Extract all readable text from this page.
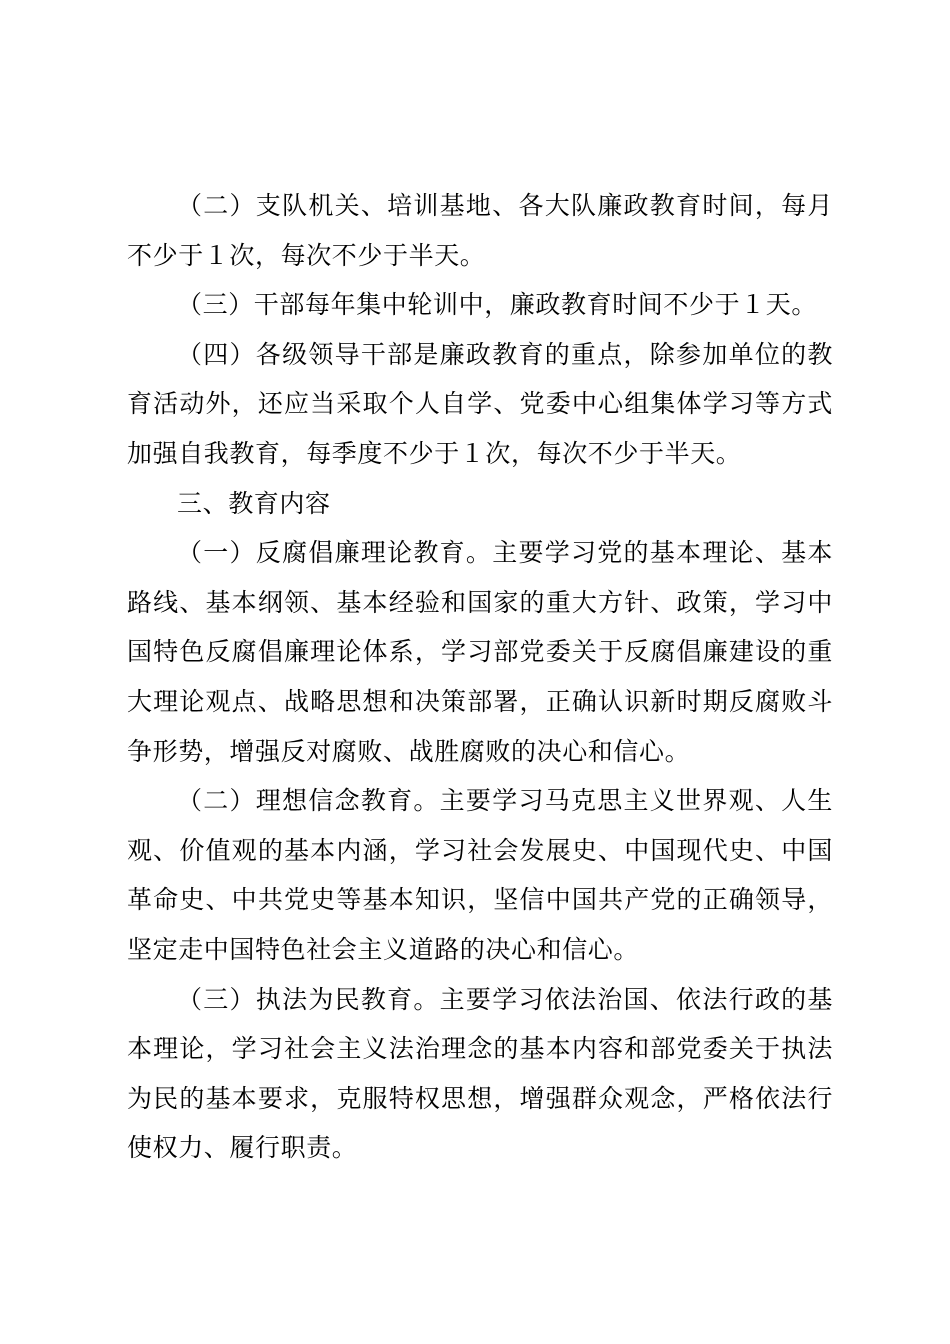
（二）支队机关、培训基地、各大队廉政教育时间，每月不少于１次，每次不少于半天。

（三）干部每年集中轮训中，廉政教育时间不少于１天。

（四）各级领导干部是廉政教育的重点，除参加单位的教育活动外，还应当采取个人自学、党委中心组集体学习等方式加强自我教育，每季度不少于１次，每次不少于半天。

三、教育内容

（一）反腐倡廉理论教育。主要学习党的基本理论、基本路线、基本纲领、基本经验和国家的重大方针、政策，学习中国特色反腐倡廉理论体系，学习部党委关于反腐倡廉建设的重大理论观点、战略思想和决策部署，正确认识新时期反腐败斗争形势，增强反对腐败、战胜腐败的决心和信心。

（二）理想信念教育。主要学习马克思主义世界观、人生观、价值观的基本内涵，学习社会发展史、中国现代史、中国革命史、中共党史等基本知识，坚信中国共产党的正确领导，坚定走中国特色社会主义道路的决心和信心。

（三）执法为民教育。主要学习依法治国、依法行政的基本理论，学习社会主义法治理念的基本内容和部党委关于执法为民的基本要求，克服特权思想，增强群众观念，严格依法行使权力、履行职责。
